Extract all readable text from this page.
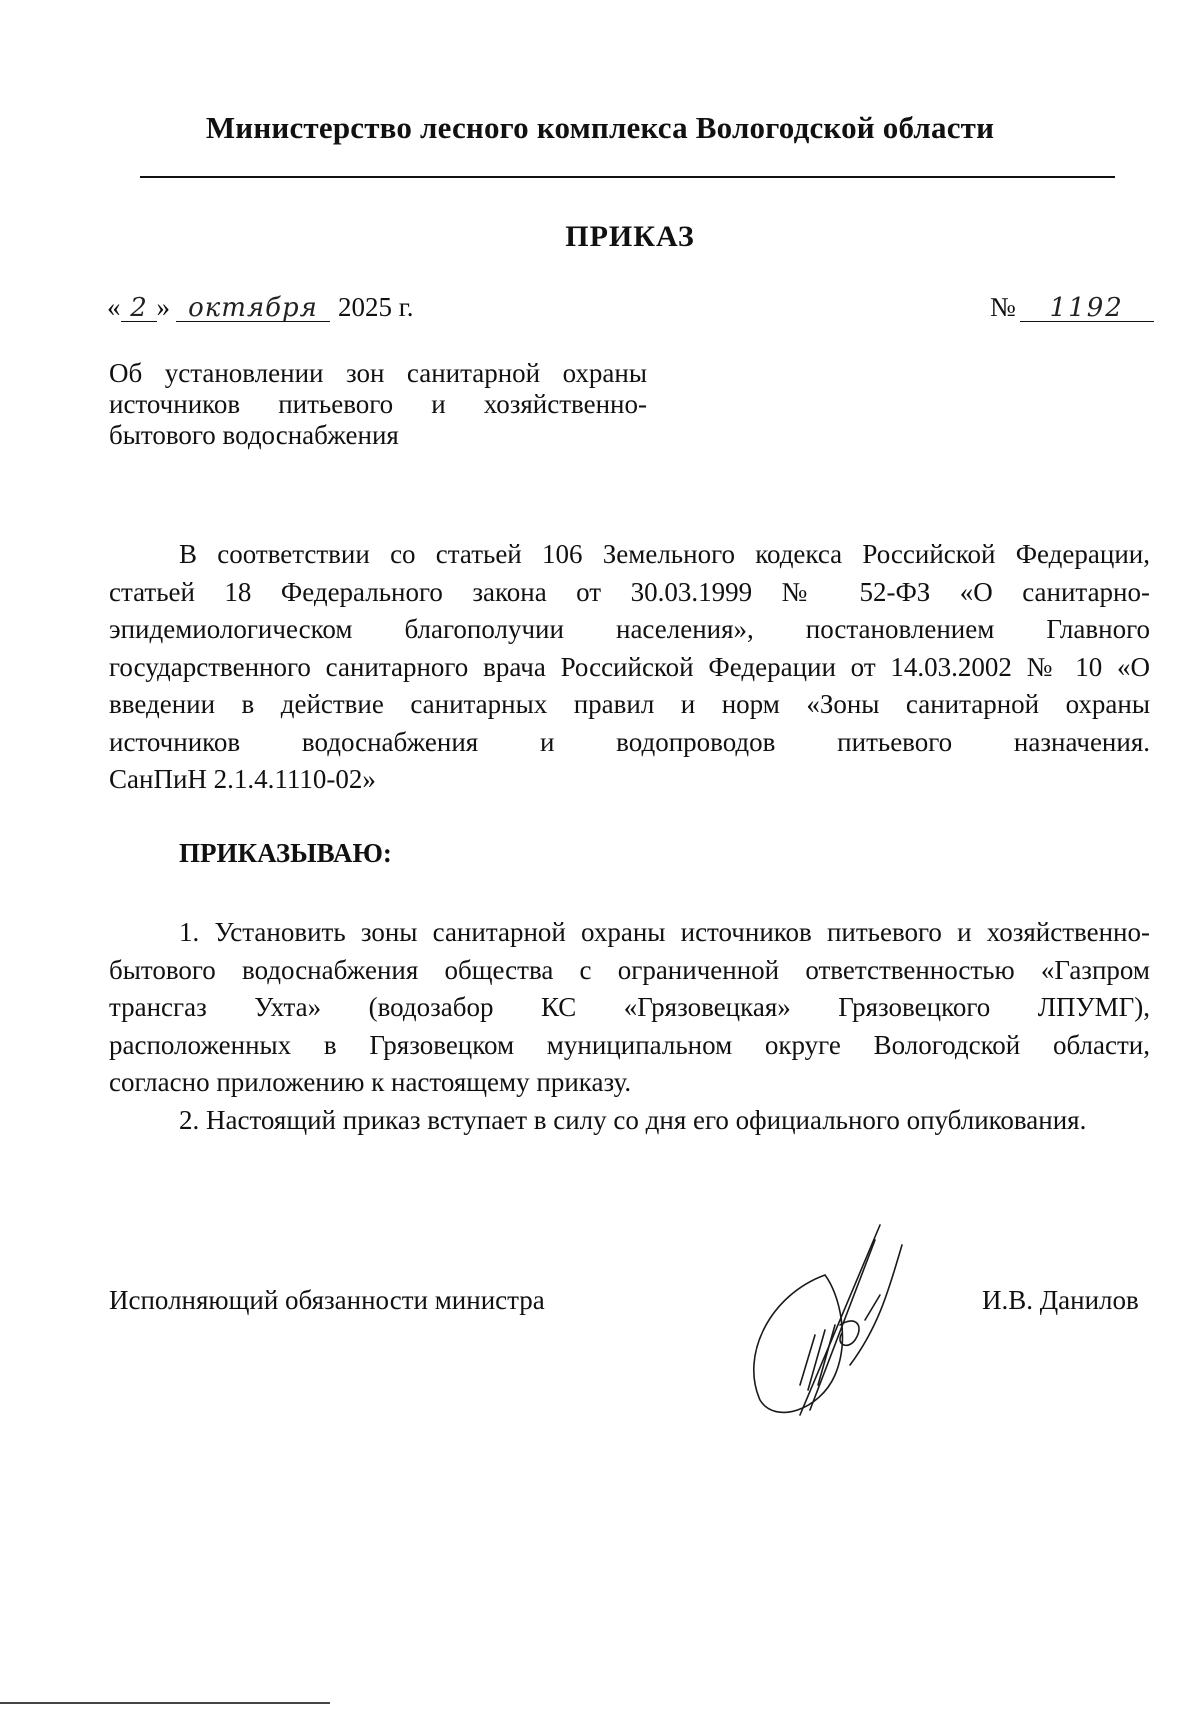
Министерство лесного комплекса Вологодской области
ПРИКАЗ
« 2 » октября 2025 г.	№	1192
Об установлении зон санитарной охраны
источников питьевого и хозяйственно-
бытового водоснабжения
В соответствии со статьей 106 Земельного кодекса Российской Федерации,
статьей 18 Федерального закона от 30.03.1999 № 52-ФЗ «О санитарно-
эпидемиологическом благополучии населения», постановлением Главного
государственного санитарного врача Российской Федерации от 14.03.2002 № 10 «О
введении в действие санитарных правил и норм «Зоны санитарной охраны
источников водоснабжения и водопроводов питьевого назначения.
СанПиН 2.1.4.1110-02»
ПРИКАЗЫВАЮ:
1. Установить зоны санитарной охраны источников питьевого и хозяйственно-
бытового водоснабжения общества с ограниченной ответственностью «Газпром
трансгаз Ухта» (водозабор КС «Грязовецкая» Грязовецкого ЛПУМГ),
расположенных в Грязовецком муниципальном округе Вологодской области,
согласно приложению к настоящему приказу.
2. Настоящий приказ вступает в силу со дня его официального опубликования.
Исполняющий обязанности министра	И.В. Данилов
